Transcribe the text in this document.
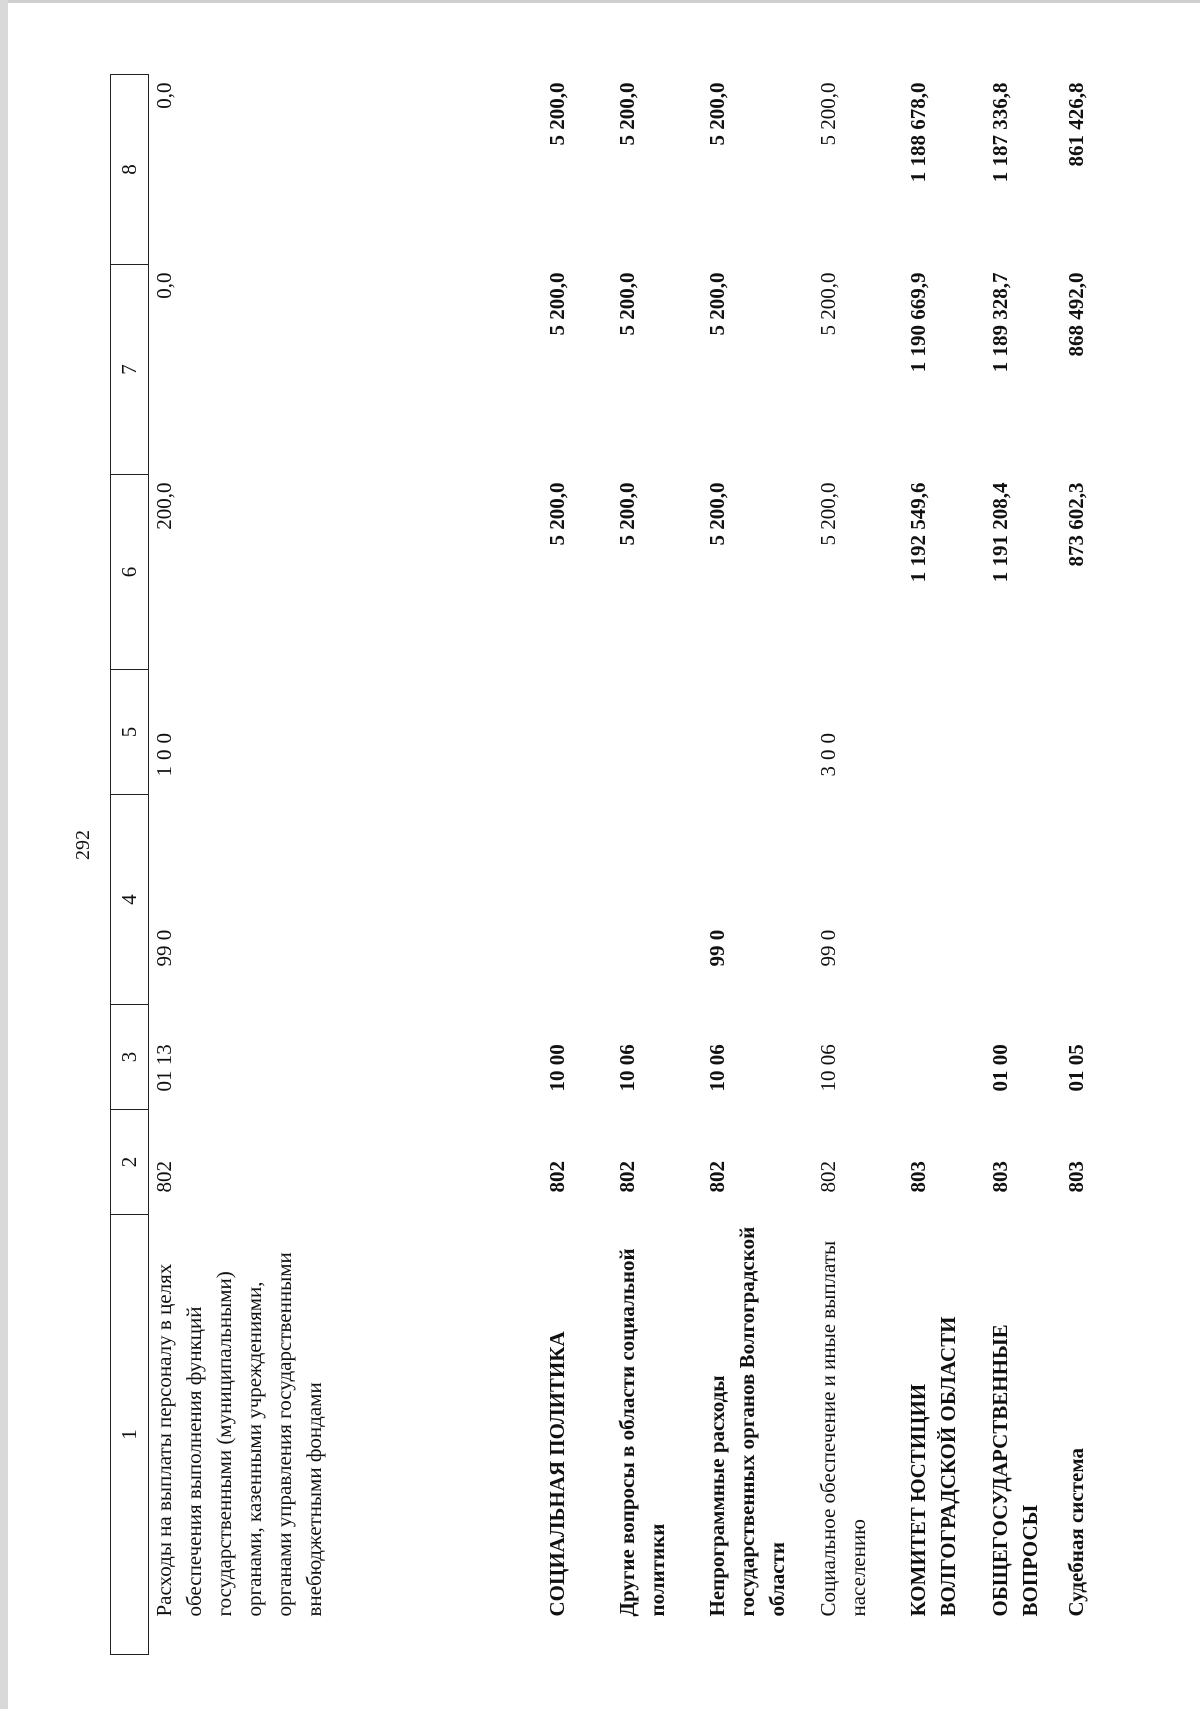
292
1	2	3	4	5	6	7	8
Расходы на выплаты персоналу в целях обеспечения выполнения функций государственными (муниципальными) органами, казенными учреждениями, органами управления государственными внебюджетными фондами	802	01 13	99 0	100	200,0	0,0	0,0
СОЦИАЛЬНАЯ ПОЛИТИКА	802	10 00			5 200,0	5 200,0	5 200,0
Другие вопросы в области социальной политики	802	10 06			5 200,0	5 200,0	5 200,0
Непрограммные расходы государственных органов Волгоградской области	802	10 06	99 0		5 200,0	5 200,0	5 200,0
Социальное обеспечение и иные выплаты населению	802	10 06	99 0	300	5 200,0	5 200,0	5 200,0
КОМИТЕТ ЮСТИЦИИ ВОЛГОГРАДСКОЙ ОБЛАСТИ	803				1 192 549,6	1 190 669,9	1 188 678,0
ОБЩЕГОСУДАРСТВЕННЫЕ ВОПРОСЫ	803	01 00			1 191 208,4	1 189 328,7	1 187 336,8
Судебная система	803	01 05			873 602,3	868 492,0	861 426,8
